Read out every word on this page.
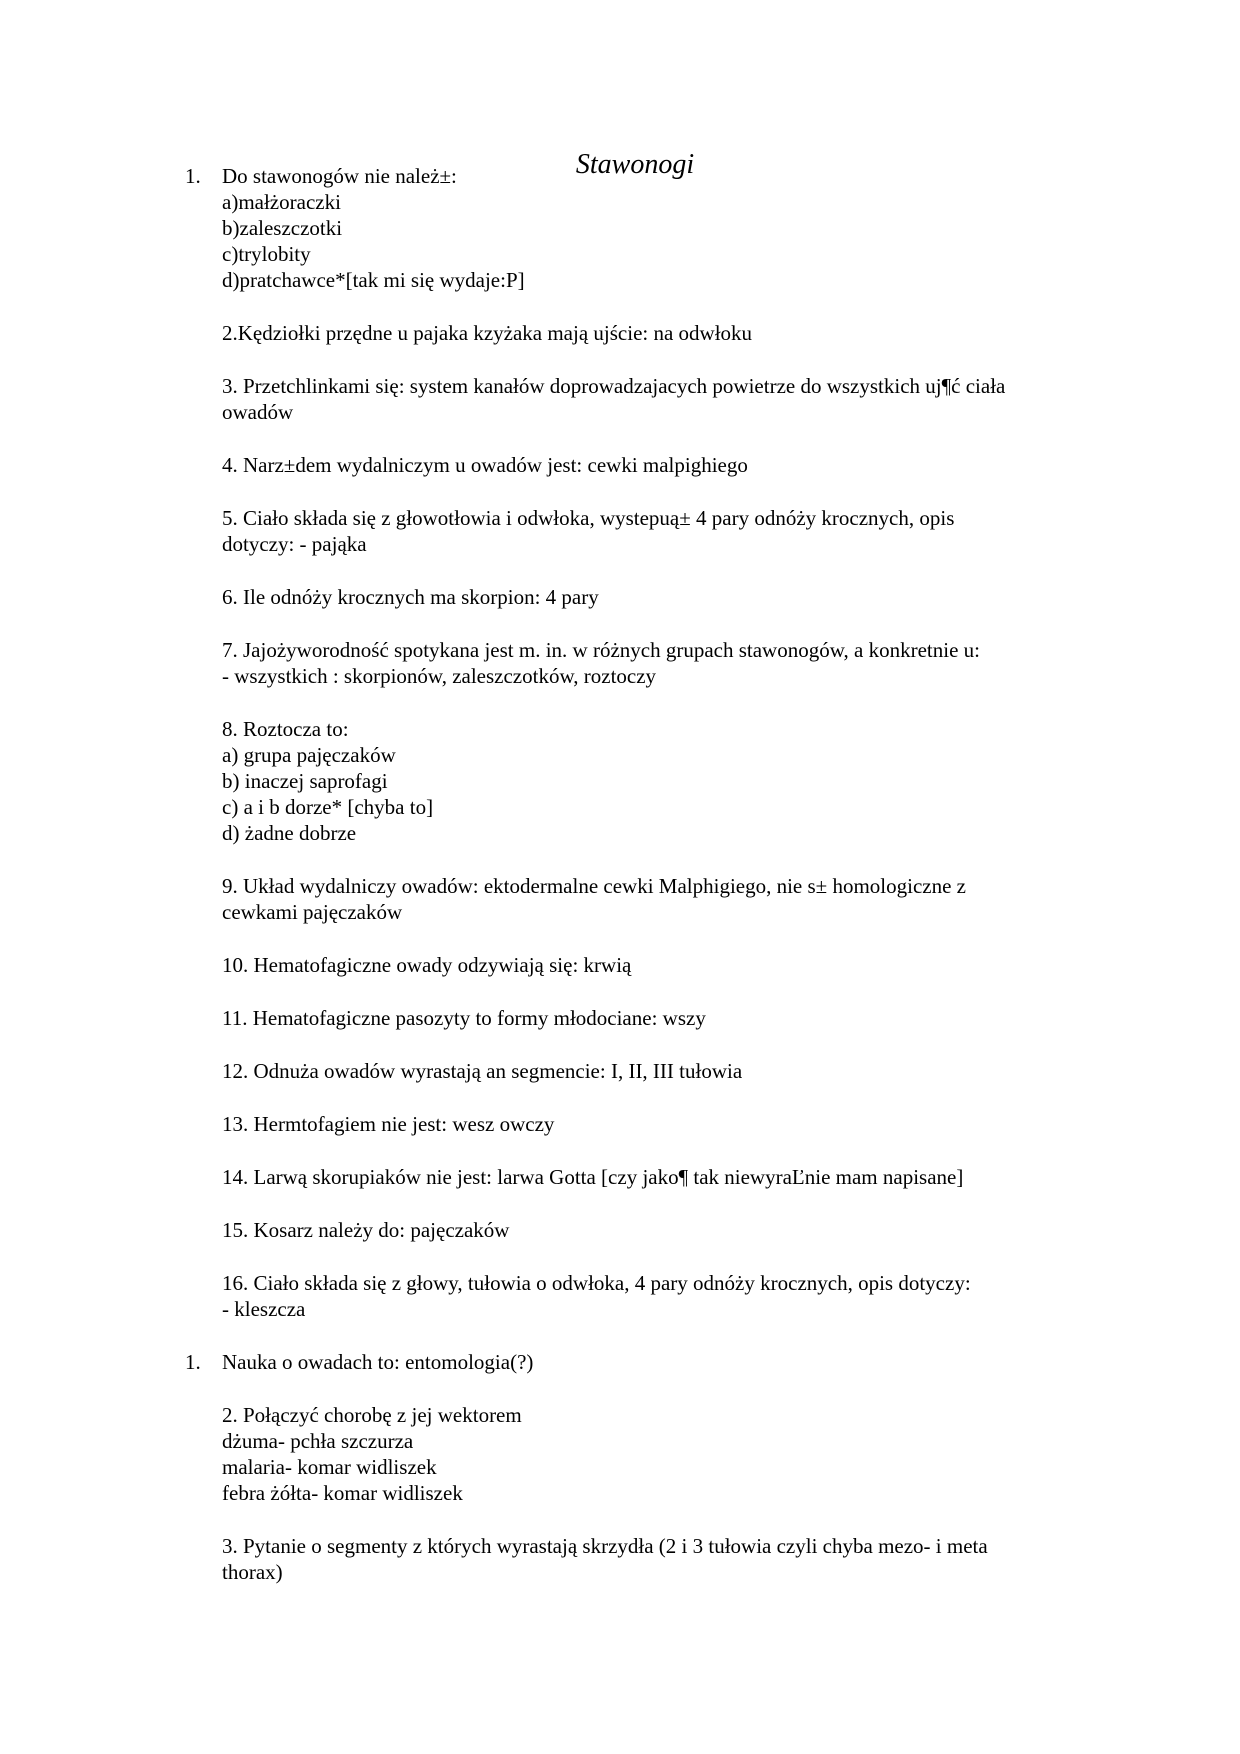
Stawonogi
1. Do stawonogów nie należ±:
a)małżoraczki
b)zaleszczotki
c)trylobity
d)pratchawce*[tak mi się wydaje:P]
2.Kędziołki przędne u pajaka kzyżaka mają ujście: na odwłoku
3. Przetchlinkami się: system kanałów doprowadzajacych powietrze do wszystkich uj¶ć ciała
owadów
4. Narz±dem wydalniczym u owadów jest: cewki malpighiego
5. Ciało składa się z głowotłowia i odwłoka, wystepuą± 4 pary odnóży krocznych, opis
dotyczy: - pająka
6. Ile odnóży krocznych ma skorpion: 4 pary
7. Jajożyworodność spotykana jest m. in. w różnych grupach stawonogów, a konkretnie u:
- wszystkich : skorpionów, zaleszczotków, roztoczy
8. Roztocza to:
a) grupa pajęczaków
b) inaczej saprofagi
c) a i b dorze* [chyba to]
d) żadne dobrze
9. Układ wydalniczy owadów: ektodermalne cewki Malphigiego, nie s± homologiczne z
cewkami pajęczaków
10. Hematofagiczne owady odzywiają się: krwią
11. Hematofagiczne pasozyty to formy młodociane: wszy
12. Odnuża owadów wyrastają an segmencie: I, II, III tułowia
13. Hermtofagiem nie jest: wesz owczy
14. Larwą skorupiaków nie jest: larwa Gotta [czy jako¶ tak niewyraĽnie mam napisane]
15. Kosarz należy do: pajęczaków
16. Ciało składa się z głowy, tułowia o odwłoka, 4 pary odnóży krocznych, opis dotyczy:
- kleszcza
1. Nauka o owadach to: entomologia(?)
2. Połączyć chorobę z jej wektorem
dżuma- pchła szczurza
malaria- komar widliszek
febra żółta- komar widliszek
3. Pytanie o segmenty z których wyrastają skrzydła (2 i 3 tułowia czyli chyba mezo- i meta
thorax)
